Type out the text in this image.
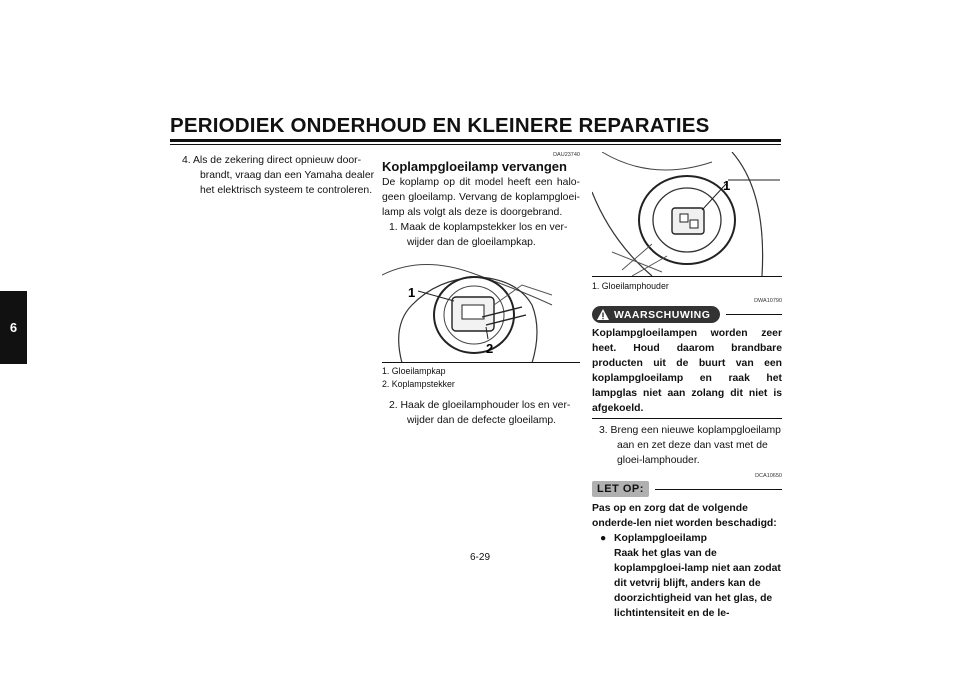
PERIODIEK ONDERHOUD EN KLEINERE REPARATIES
6
4. Als de zekering direct opnieuw door-brandt, vraag dan een Yamaha dealer het elektrisch systeem te controleren.
DAU23740
Koplampgloeilamp vervangen
De koplamp op dit model heeft een halo-geen gloeilamp. Vervang de koplampgloei-lamp als volgt als deze is doorgebrand.
1. Maak de koplampstekker los en ver-wijder dan de gloeilampkap.
1
2
1. Gloeilampkap
2. Koplampstekker
2. Haak de gloeilamphouder los en ver-wijder dan de defecte gloeilamp.
1
1. Gloeilamphouder
DWA10790
WAARSCHUWING
Koplampgloeilampen worden zeer heet. Houd daarom brandbare producten uit de buurt van een koplampgloeilamp en raak het lampglas niet aan zolang dit niet is afgekoeld.
3. Breng een nieuwe koplampgloeilamp aan en zet deze dan vast met de gloei-lamphouder.
DCA10650
LET OP:
Pas op en zorg dat de volgende onderde-len niet worden beschadigd:
● Koplampgloeilamp
Raak het glas van de koplampgloei-lamp niet aan zodat dit vetvrij blijft, anders kan de doorzichtigheid van het glas, de lichtintensiteit en de le-
6-29
